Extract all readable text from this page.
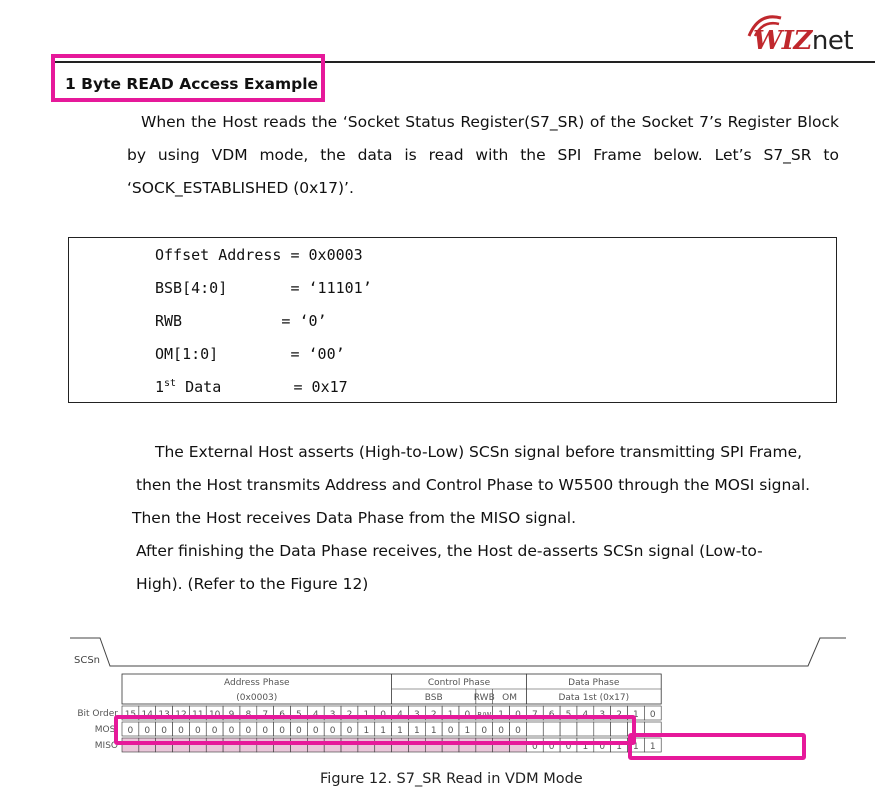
WIZnet
1 Byte READ Access Example
When the Host reads the ‘Socket Status Register(S7_SR) of the Socket 7’s Register Block by using VDM mode, the data is read with the SPI Frame below. Let’s S7_SR to ‘SOCK_ESTABLISHED (0x17)’.
Offset Address = 0x0003
BSB[4:0]       = ‘11101’
RWB           = ‘0’
OM[1:0]        = ‘00’
1st Data        = 0x17
The External Host asserts (High-to-Low) SCSn signal before transmitting SPI Frame,
then the Host transmits Address and Control Phase to W5500 through the MOSI signal.
Then the Host receives Data Phase from the MISO signal.
After finishing the Data Phase receives, the Host de-asserts SCSn signal (Low-to-
High). (Refer to the Figure 12)
SCSn
Address Phase
(0x0003)
Control Phase
BSB	RWB OM
Data Phase
Data 1st (0x17)
Bit Order
MOSI
MISO
15 14 13 12 11 10 9 8 7 6 5 4 3 2 1 0 4 3 2 1 0 R/W 1 0 7 6 5 4 3 2 1 0
0 0 0 0 0 0 0 0 0 0 0 0 0 0 1 1 1 1 1 0 1 0 0 0
0 0 0 1 0 1 1 1
Figure 12. S7_SR Read in VDM Mode
